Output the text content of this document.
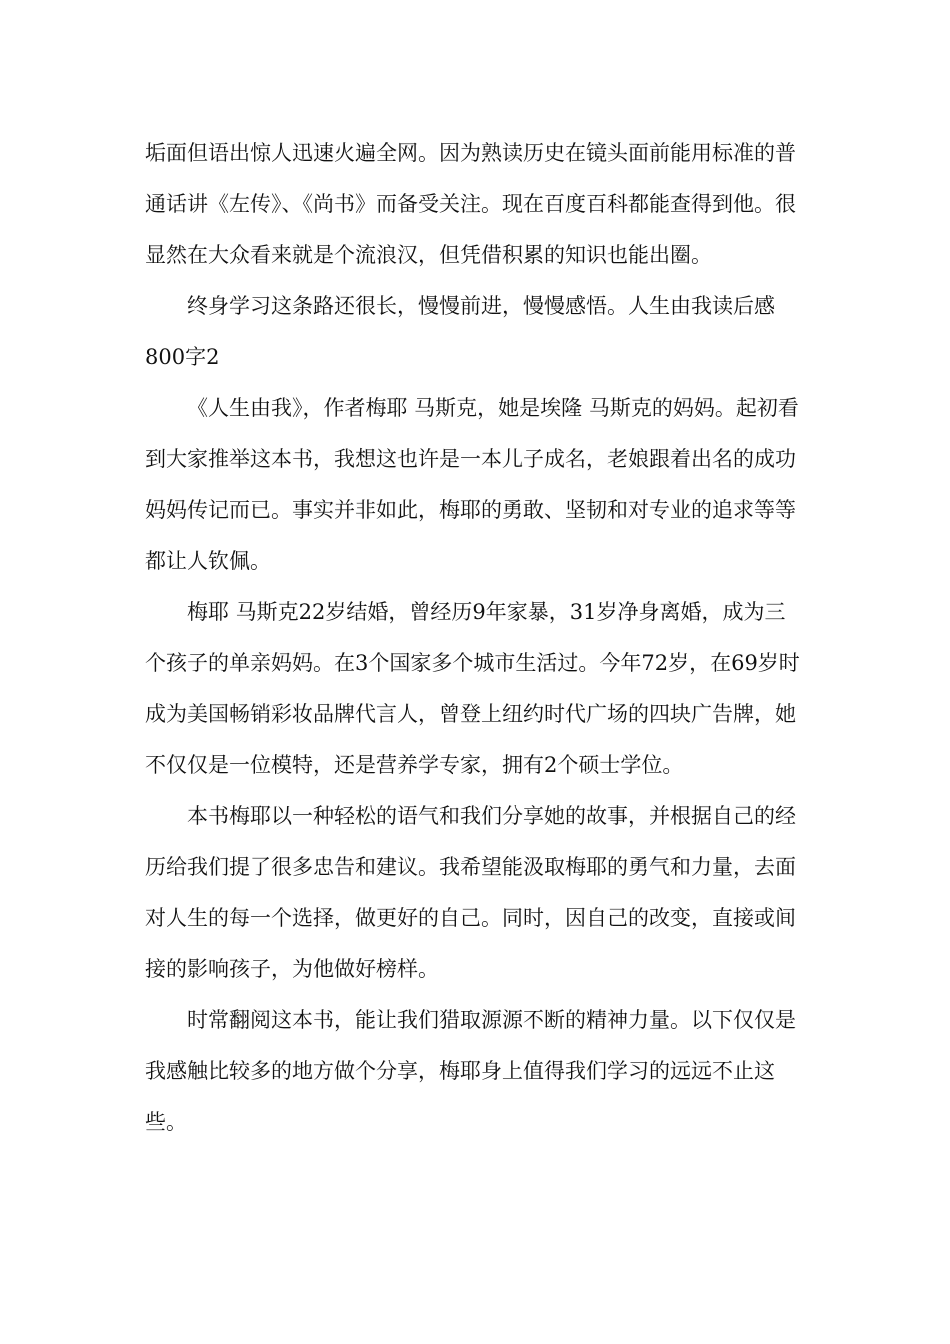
垢面但语出惊人迅速火遍全网。因为熟读历史在镜头面前能用标准的普通话讲《左传》、《尚书》而备受关注。现在百度百科都能查得到他。很显然在大众看来就是个流浪汉，但凭借积累的知识也能出圈。

终身学习这条路还很长，慢慢前进，慢慢感悟。人生由我读后感800字2

《人生由我》，作者梅耶 马斯克，她是埃隆 马斯克的妈妈。起初看到大家推举这本书，我想这也许是一本儿子成名，老娘跟着出名的成功妈妈传记而已。事实并非如此，梅耶的勇敢、坚韧和对专业的追求等等都让人钦佩。

梅耶 马斯克22岁结婚，曾经历9年家暴，31岁净身离婚，成为三个孩子的单亲妈妈。在3个国家多个城市生活过。今年72岁，在69岁时成为美国畅销彩妆品牌代言人，曾登上纽约时代广场的四块广告牌，她不仅仅是一位模特，还是营养学专家，拥有2个硕士学位。

本书梅耶以一种轻松的语气和我们分享她的故事，并根据自己的经历给我们提了很多忠告和建议。我希望能汲取梅耶的勇气和力量，去面对人生的每一个选择，做更好的自己。同时，因自己的改变，直接或间接的影响孩子，为他做好榜样。

时常翻阅这本书，能让我们猎取源源不断的精神力量。以下仅仅是我感触比较多的地方做个分享，梅耶身上值得我们学习的远远不止这些。
